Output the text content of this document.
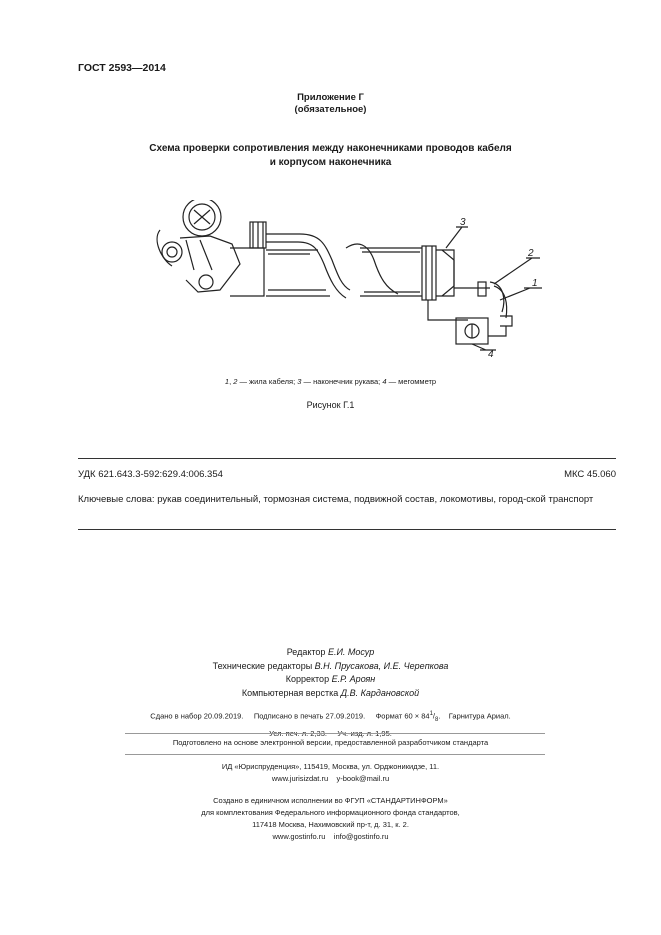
ГОСТ 2593—2014
Приложение Г
(обязательное)
Схема проверки сопротивления между наконечниками проводов кабеля
и корпусом наконечника
3
2
1
4
1, 2 — жила кабеля; 3 — наконечник рукава; 4 — мегомметр
Рисунок Г.1
УДК 621.643.3-592:629.4:006.354	МКС 45.060
Ключевые слова: рукав соединительный, тормозная система, подвижной состав, локомотивы, город-ской транспорт
Редактор Е.И. Мосур
Технические редакторы В.Н. Прусакова, И.Е. Черепкова
Корректор Е.Р. Ароян
Компьютерная верстка Д.В. Кардановской
Сдано в набор 20.09.2019. Подписано в печать 27.09.2019. Формат $60 \times 84^1/_8$. Гарнитура Ариал.
Усл. печ. л. 2,33. Уч.-изд. л. 1,95.
Подготовлено на основе электронной версии, предоставленной разработчиком стандарта
ИД «Юриспруденция», 115419, Москва, ул. Орджоникидзе, 11.
www.jurisizdat.ru y-book@mail.ru
Создано в единичном исполнении во ФГУП «СТАНДАРТИНФОРМ»
для комплектования Федерального информационного фонда стандартов,
117418 Москва, Нахимовский пр-т, д. 31, к. 2.
www.gostinfo.ru info@gostinfo.ru
